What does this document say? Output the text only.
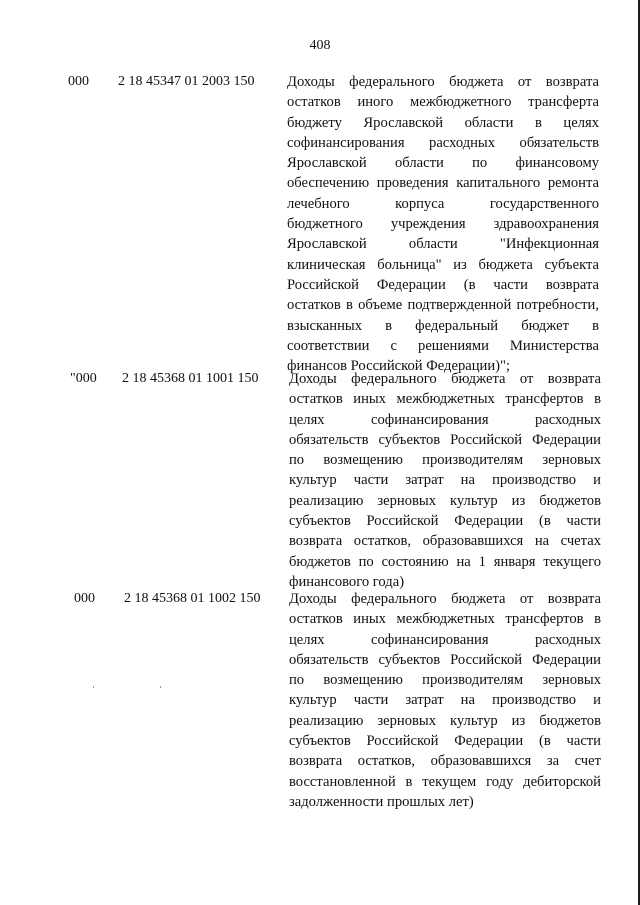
408
000 2 18 45347 01 2003 150 Доходы федерального бюджета от возврата
остатков иного межбюджетного трансферта
бюджету Ярославской области в целях
софинансирования расходных обязательств
Ярославской области по финансовому
обеспечению проведения капитального ремонта
лечебного корпуса государственного
бюджетного учреждения здравоохранения
Ярославской области "Инфекционная
клиническая больница" из бюджета субъекта
Российской Федерации (в части возврата
остатков в объеме подтвержденной потребности,
взысканных в федеральный бюджет в
соответствии с решениями Министерства
финансов Российской Федерации)";
"000 2 18 45368 01 1001 150 Доходы федерального бюджета от возврата
остатков иных межбюджетных трансфертов в
целях софинансирования расходных
обязательств субъектов Российской Федерации
по возмещению производителям зерновых
культур части затрат на производство и
реализацию зерновых культур из бюджетов
субъектов Российской Федерации (в части
возврата остатков, образовавшихся на счетах
бюджетов по состоянию на 1 января текущего
финансового года)
000 2 18 45368 01 1002 150 Доходы федерального бюджета от возврата
остатков иных межбюджетных трансфертов в
целях софинансирования расходных
обязательств субъектов Российской Федерации
по возмещению производителям зерновых
культур части затрат на производство и
реализацию зерновых культур из бюджетов
субъектов Российской Федерации (в части
возврата остатков, образовавшихся за счет
восстановленной в текущем году дебиторской
задолженности прошлых лет)
